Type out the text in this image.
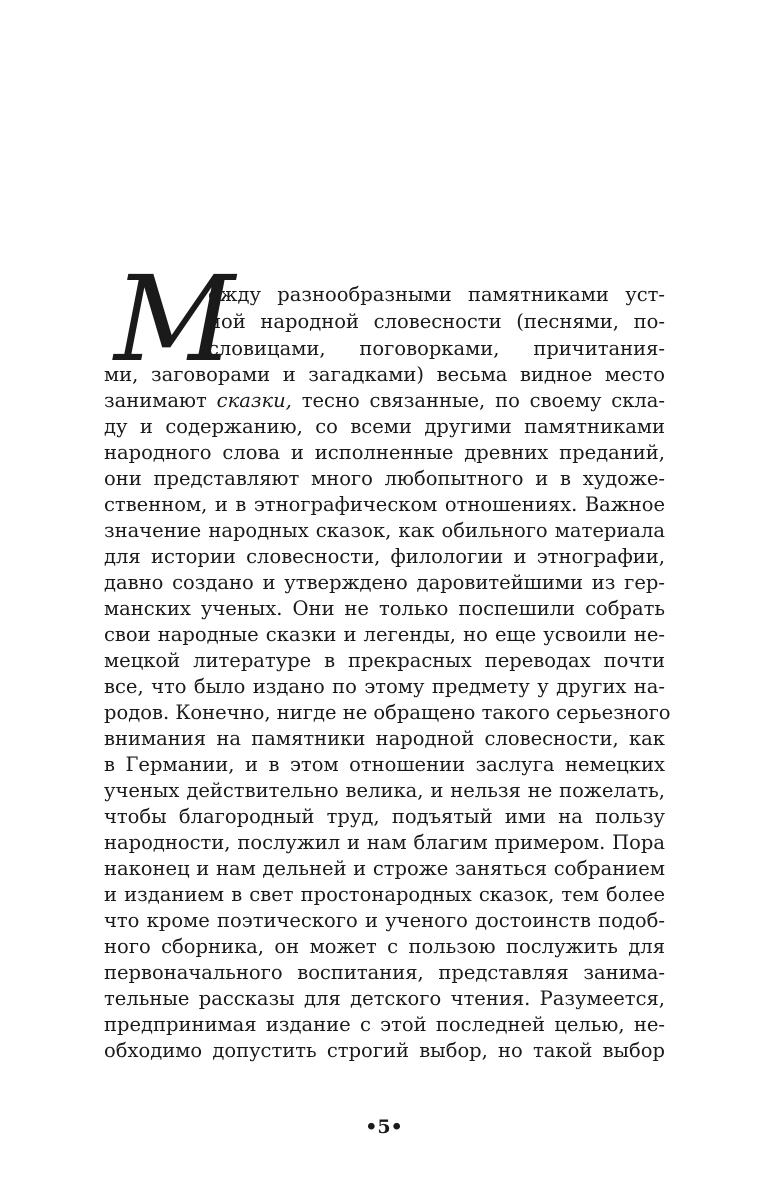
М
ежду разнообразными памятниками уст-
ной народной словесности (песнями, по-
словицами, поговорками, причитания-
ми, заговорами и загадками) весьма видное место
занимают сказки, тесно связанные, по своему скла-
ду и содержанию, со всеми другими памятниками
народного слова и исполненные древних преданий,
они представляют много любопытного и в художе-
ственном, и в этнографическом отношениях. Важное
значение народных сказок, как обильного материала
для истории словесности, филологии и этнографии,
давно создано и утверждено даровитейшими из гер-
манских ученых. Они не только поспешили собрать
свои народные сказки и легенды, но еще усвоили не-
мецкой литературе в прекрасных переводах почти
все, что было издано по этому предмету у других на-
родов. Конечно, нигде не обращено такого серьезного
внимания на памятники народной словесности, как
в Германии, и в этом отношении заслуга немецких
ученых действительно велика, и нельзя не пожелать,
чтобы благородный труд, подъятый ими на пользу
народности, послужил и нам благим примером. Пора
наконец и нам дельней и строже заняться собранием
и изданием в свет простонародных сказок, тем более
что кроме поэтического и ученого достоинств подоб-
ного сборника, он может с пользою послужить для
первоначального воспитания, представляя занима-
тельные рассказы для детского чтения. Разумеется,
предпринимая издание с этой последней целью, не-
обходимо допустить строгий выбор, но такой выбор
•5•
